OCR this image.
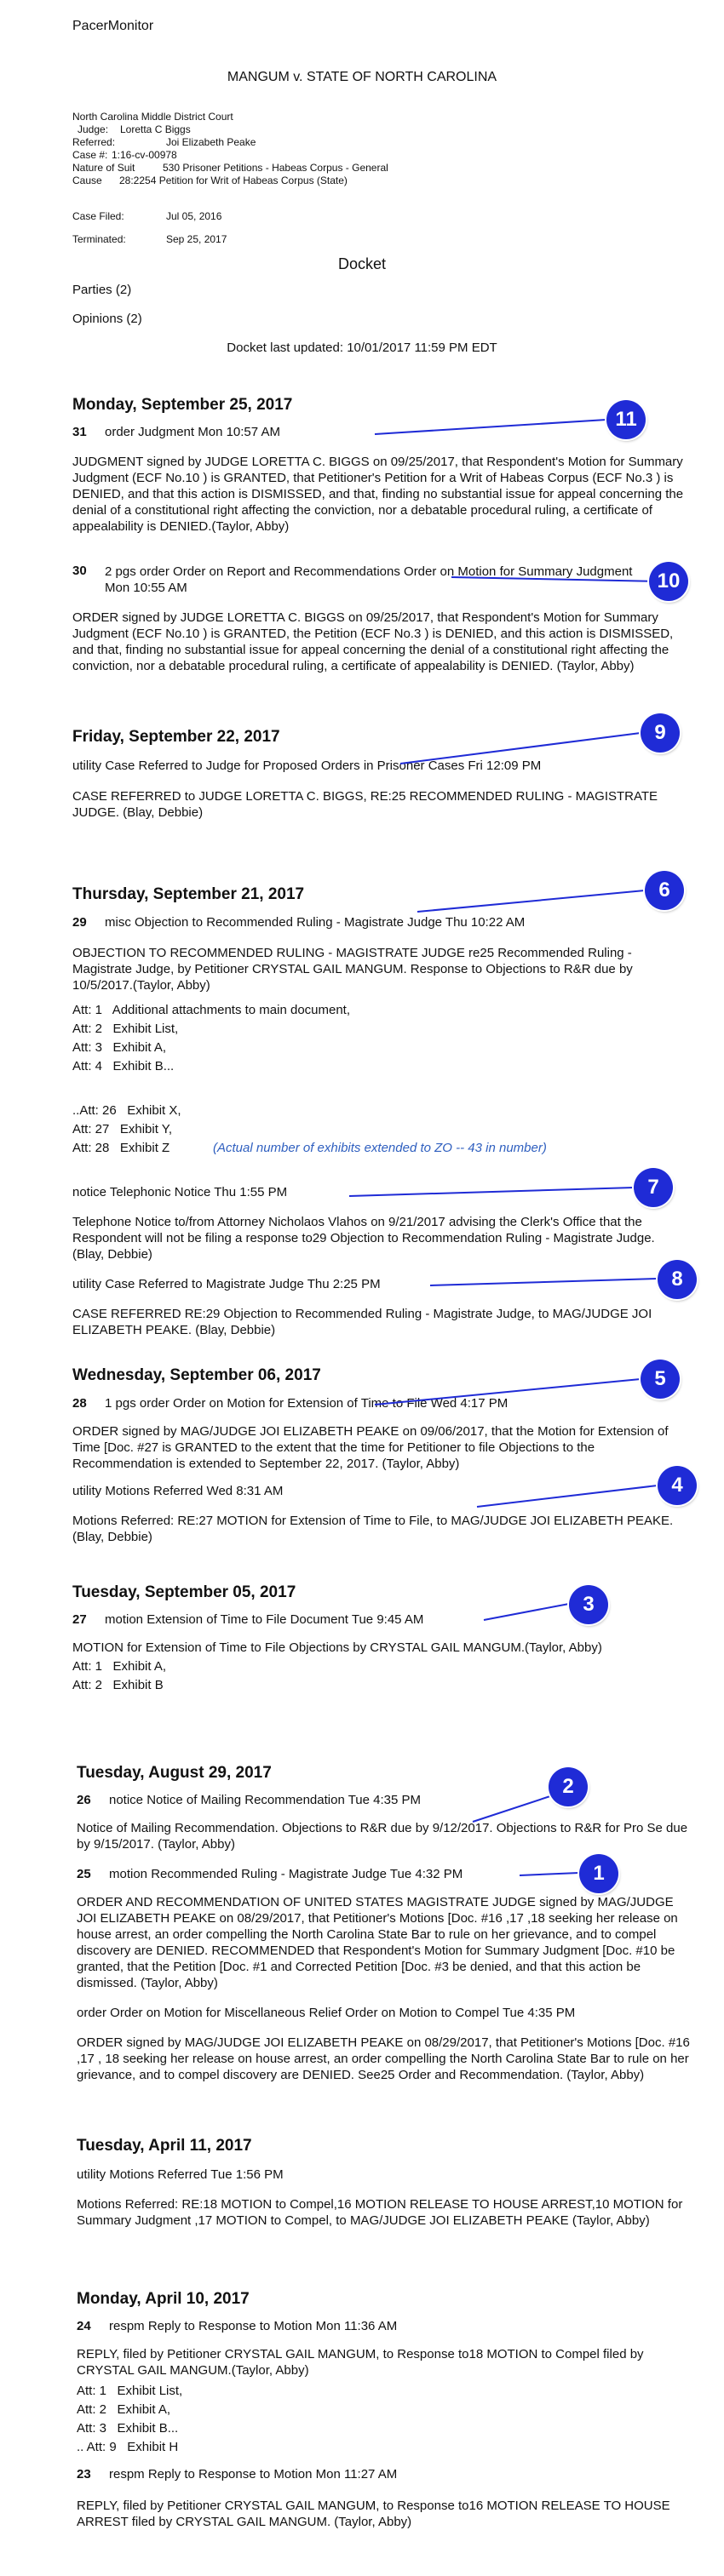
PacerMonitor
MANGUM v. STATE OF NORTH CAROLINA
North Carolina Middle District Court
Judge: Loretta C Biggs
Referred:	Joi Elizabeth Peake
Case #: 1:16-cv-00978
Nature of Suit	530 Prisoner Petitions - Habeas Corpus - General
Cause 28:2254 Petition for Writ of Habeas Corpus (State)
Case Filed:	Jul 05, 2016
Terminated:	Sep 25, 2017
Docket
Parties (2)
Opinions (2)
Docket last updated: 10/01/2017 11:59 PM EDT
Monday, September 25, 2017
31 order Judgment Mon 10:57 AM
JUDGMENT signed by JUDGE LORETTA C. BIGGS on 09/25/2017, that Respondent's Motion for Summary Judgment (ECF No.10 ) is GRANTED, that Petitioner's Petition for a Writ of Habeas Corpus (ECF No.3 ) is DENIED, and that this action is DISMISSED, and that, finding no substantial issue for appeal concerning the denial of a constitutional right affecting the conviction, nor a debatable procedural ruling, a certificate of appealability is DENIED.(Taylor, Abby)
30 2 pgs order Order on Report and Recommendations Order on Motion for Summary Judgment Mon 10:55 AM
ORDER signed by JUDGE LORETTA C. BIGGS on 09/25/2017, that Respondent's Motion for Summary Judgment (ECF No.10 ) is GRANTED, the Petition (ECF No.3 ) is DENIED, and this action is DISMISSED, and that, finding no substantial issue for appeal concerning the denial of a constitutional right affecting the conviction, nor a debatable procedural ruling, a certificate of appealability is DENIED. (Taylor, Abby)
Friday, September 22, 2017
utility Case Referred to Judge for Proposed Orders in Prisoner Cases Fri 12:09 PM
CASE REFERRED to JUDGE LORETTA C. BIGGS, RE:25 RECOMMENDED RULING - MAGISTRATE JUDGE. (Blay, Debbie)
Thursday, September 21, 2017
29 misc Objection to Recommended Ruling - Magistrate Judge Thu 10:22 AM
OBJECTION TO RECOMMENDED RULING - MAGISTRATE JUDGE re25 Recommended Ruling - Magistrate Judge, by Petitioner CRYSTAL GAIL MANGUM. Response to Objections to R&R due by 10/5/2017.(Taylor, Abby)
Att: 1   Additional attachments to main document,
Att: 2   Exhibit List,
Att: 3   Exhibit A,
Att: 4   Exhibit B...
..Att: 26   Exhibit X,
Att: 27   Exhibit Y,
Att: 28   Exhibit Z	(Actual number of exhibits extended to ZO -- 43 in number)
notice Telephonic Notice Thu 1:55 PM
Telephone Notice to/from Attorney Nicholaos Vlahos on 9/21/2017 advising the Clerk's Office that the Respondent will not be filing a response to29 Objection to Recommendation Ruling - Magistrate Judge. (Blay, Debbie)
utility Case Referred to Magistrate Judge Thu 2:25 PM
CASE REFERRED RE:29 Objection to Recommended Ruling - Magistrate Judge, to MAG/JUDGE JOI ELIZABETH PEAKE. (Blay, Debbie)
Wednesday, September 06, 2017
28 1 pgs order Order on Motion for Extension of Time to File Wed 4:17 PM
ORDER signed by MAG/JUDGE JOI ELIZABETH PEAKE on 09/06/2017, that the Motion for Extension of Time [Doc. #27 is GRANTED to the extent that the time for Petitioner to file Objections to the Recommendation is extended to September 22, 2017. (Taylor, Abby)
utility Motions Referred Wed 8:31 AM
Motions Referred: RE:27 MOTION for Extension of Time to File, to MAG/JUDGE JOI ELIZABETH PEAKE. (Blay, Debbie)
Tuesday, September 05, 2017
27 motion Extension of Time to File Document Tue 9:45 AM
MOTION for Extension of Time to File Objections by CRYSTAL GAIL MANGUM.(Taylor, Abby)
Att: 1   Exhibit A,
Att: 2   Exhibit B
Tuesday, August 29, 2017
26 notice Notice of Mailing Recommendation Tue 4:35 PM
Notice of Mailing Recommendation. Objections to R&R due by 9/12/2017. Objections to R&R for Pro Se due by 9/15/2017. (Taylor, Abby)
25 motion Recommended Ruling - Magistrate Judge Tue 4:32 PM
ORDER AND RECOMMENDATION OF UNITED STATES MAGISTRATE JUDGE signed by MAG/JUDGE JOI ELIZABETH PEAKE on 08/29/2017, that Petitioner's Motions [Doc. #16 ,17 ,18 seeking her release on house arrest, an order compelling the North Carolina State Bar to rule on her grievance, and to compel discovery are DENIED. RECOMMENDED that Respondent's Motion for Summary Judgment [Doc. #10 be granted, that the Petition [Doc. #1 and Corrected Petition [Doc. #3 be denied, and that this action be dismissed. (Taylor, Abby)
order Order on Motion for Miscellaneous Relief Order on Motion to Compel Tue 4:35 PM
ORDER signed by MAG/JUDGE JOI ELIZABETH PEAKE on 08/29/2017, that Petitioner's Motions [Doc. #16 ,17 , 18 seeking her release on house arrest, an order compelling the North Carolina State Bar to rule on her grievance, and to compel discovery are DENIED. See25 Order and Recommendation. (Taylor, Abby)
Tuesday, April 11, 2017
utility Motions Referred Tue 1:56 PM
Motions Referred: RE:18 MOTION to Compel,16 MOTION RELEASE TO HOUSE ARREST,10 MOTION for Summary Judgment ,17 MOTION to Compel, to MAG/JUDGE JOI ELIZABETH PEAKE (Taylor, Abby)
Monday, April 10, 2017
24 respm Reply to Response to Motion Mon 11:36 AM
REPLY, filed by Petitioner CRYSTAL GAIL MANGUM, to Response to18 MOTION to Compel filed by CRYSTAL GAIL MANGUM.(Taylor, Abby)
Att: 1   Exhibit List,
Att: 2   Exhibit A,
Att: 3   Exhibit B...
.. Att: 9   Exhibit H
23 respm Reply to Response to Motion Mon 11:27 AM
REPLY, filed by Petitioner CRYSTAL GAIL MANGUM, to Response to16 MOTION RELEASE TO HOUSE ARREST filed by CRYSTAL GAIL MANGUM. (Taylor, Abby)
11
10
9
6
7
8
5
4
3
2
1
